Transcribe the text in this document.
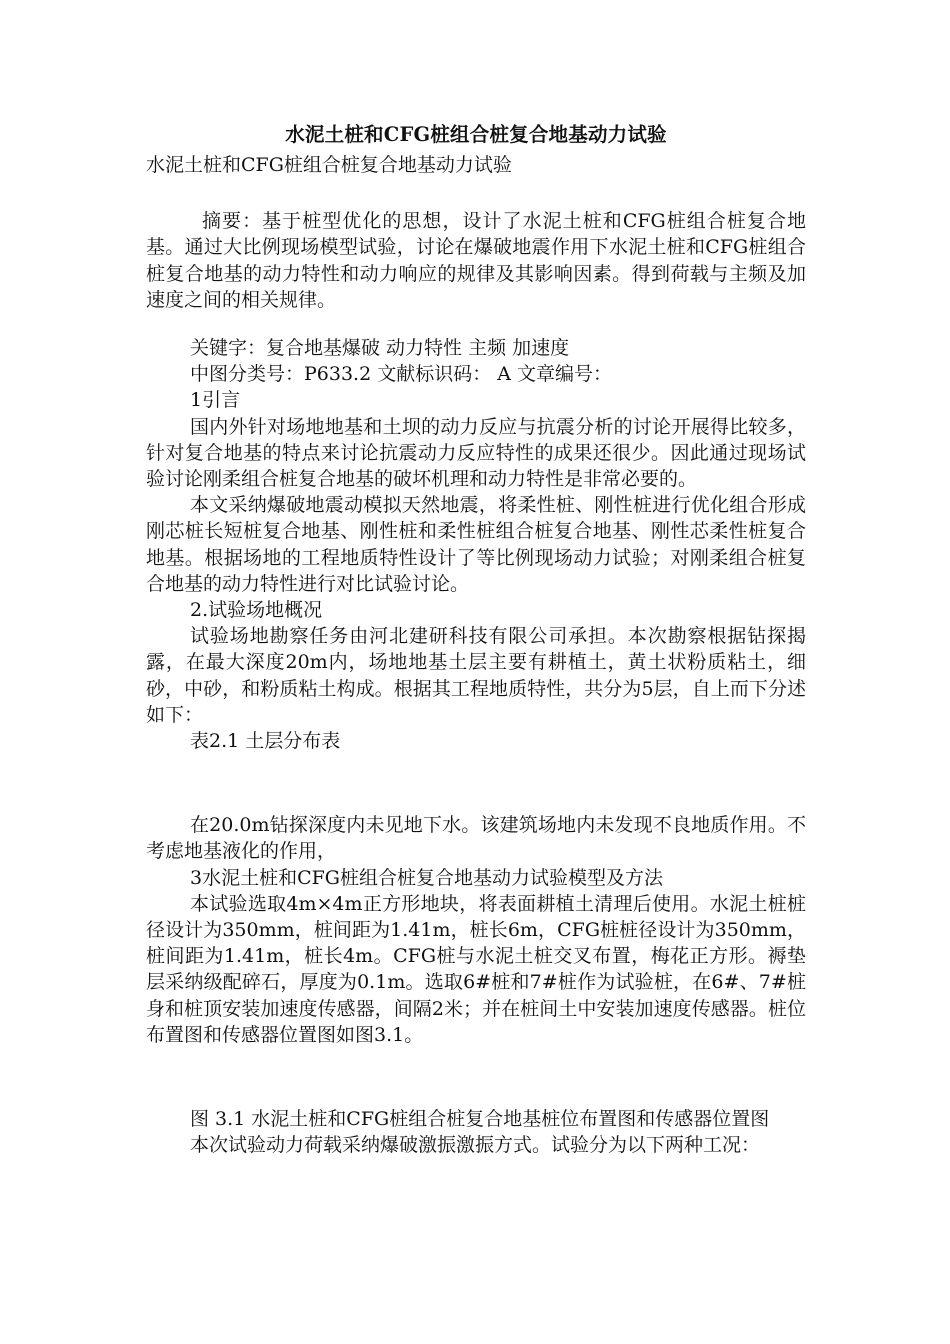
水泥土桩和CFG桩组合桩复合地基动力试验

水泥土桩和CFG桩组合桩复合地基动力试验

摘要：基于桩型优化的思想，设计了水泥土桩和CFG桩组合桩复合地基。通过大比例现场模型试验，讨论在爆破地震作用下水泥土桩和CFG桩组合桩复合地基的动力特性和动力响应的规律及其影响因素。得到荷载与主频及加速度之间的相关规律。

关键字：复合地基爆破 动力特性 主频 加速度

中图分类号：P633.2 文献标识码： A 文章编号：

1引言

国内外针对场地地基和土坝的动力反应与抗震分析的讨论开展得比较多，针对复合地基的特点来讨论抗震动力反应特性的成果还很少。因此通过现场试验讨论刚柔组合桩复合地基的破坏机理和动力特性是非常必要的。

本文采纳爆破地震动模拟天然地震，将柔性桩、刚性桩进行优化组合形成刚芯桩长短桩复合地基、刚性桩和柔性桩组合桩复合地基、刚性芯柔性桩复合地基。根据场地的工程地质特性设计了等比例现场动力试验；对刚柔组合桩复合地基的动力特性进行对比试验讨论。

2.试验场地概况

试验场地勘察任务由河北建研科技有限公司承担。本次勘察根据钻探揭露，在最大深度20m内，场地地基土层主要有耕植土，黄土状粉质粘土，细砂，中砂，和粉质粘土构成。根据其工程地质特性，共分为5层，自上而下分述如下：

表2.1 土层分布表

在20.0m钻探深度内未见地下水。该建筑场地内未发现不良地质作用。不考虑地基液化的作用，

3水泥土桩和CFG桩组合桩复合地基动力试验模型及方法

本试验选取4m×4m正方形地块，将表面耕植土清理后使用。水泥土桩桩径设计为350mm，桩间距为1.41m，桩长6m，CFG桩桩径设计为350mm，桩间距为1.41m，桩长4m。CFG桩与水泥土桩交叉布置，梅花正方形。褥垫层采纳级配碎石，厚度为0.1m。选取6#桩和7#桩作为试验桩，在6#、7#桩身和桩顶安装加速度传感器，间隔2米；并在桩间土中安装加速度传感器。桩位布置图和传感器位置图如图3.1。

图 3.1 水泥土桩和CFG桩组合桩复合地基桩位布置图和传感器位置图

本次试验动力荷载采纳爆破激振激振方式。试验分为以下两种工况：
